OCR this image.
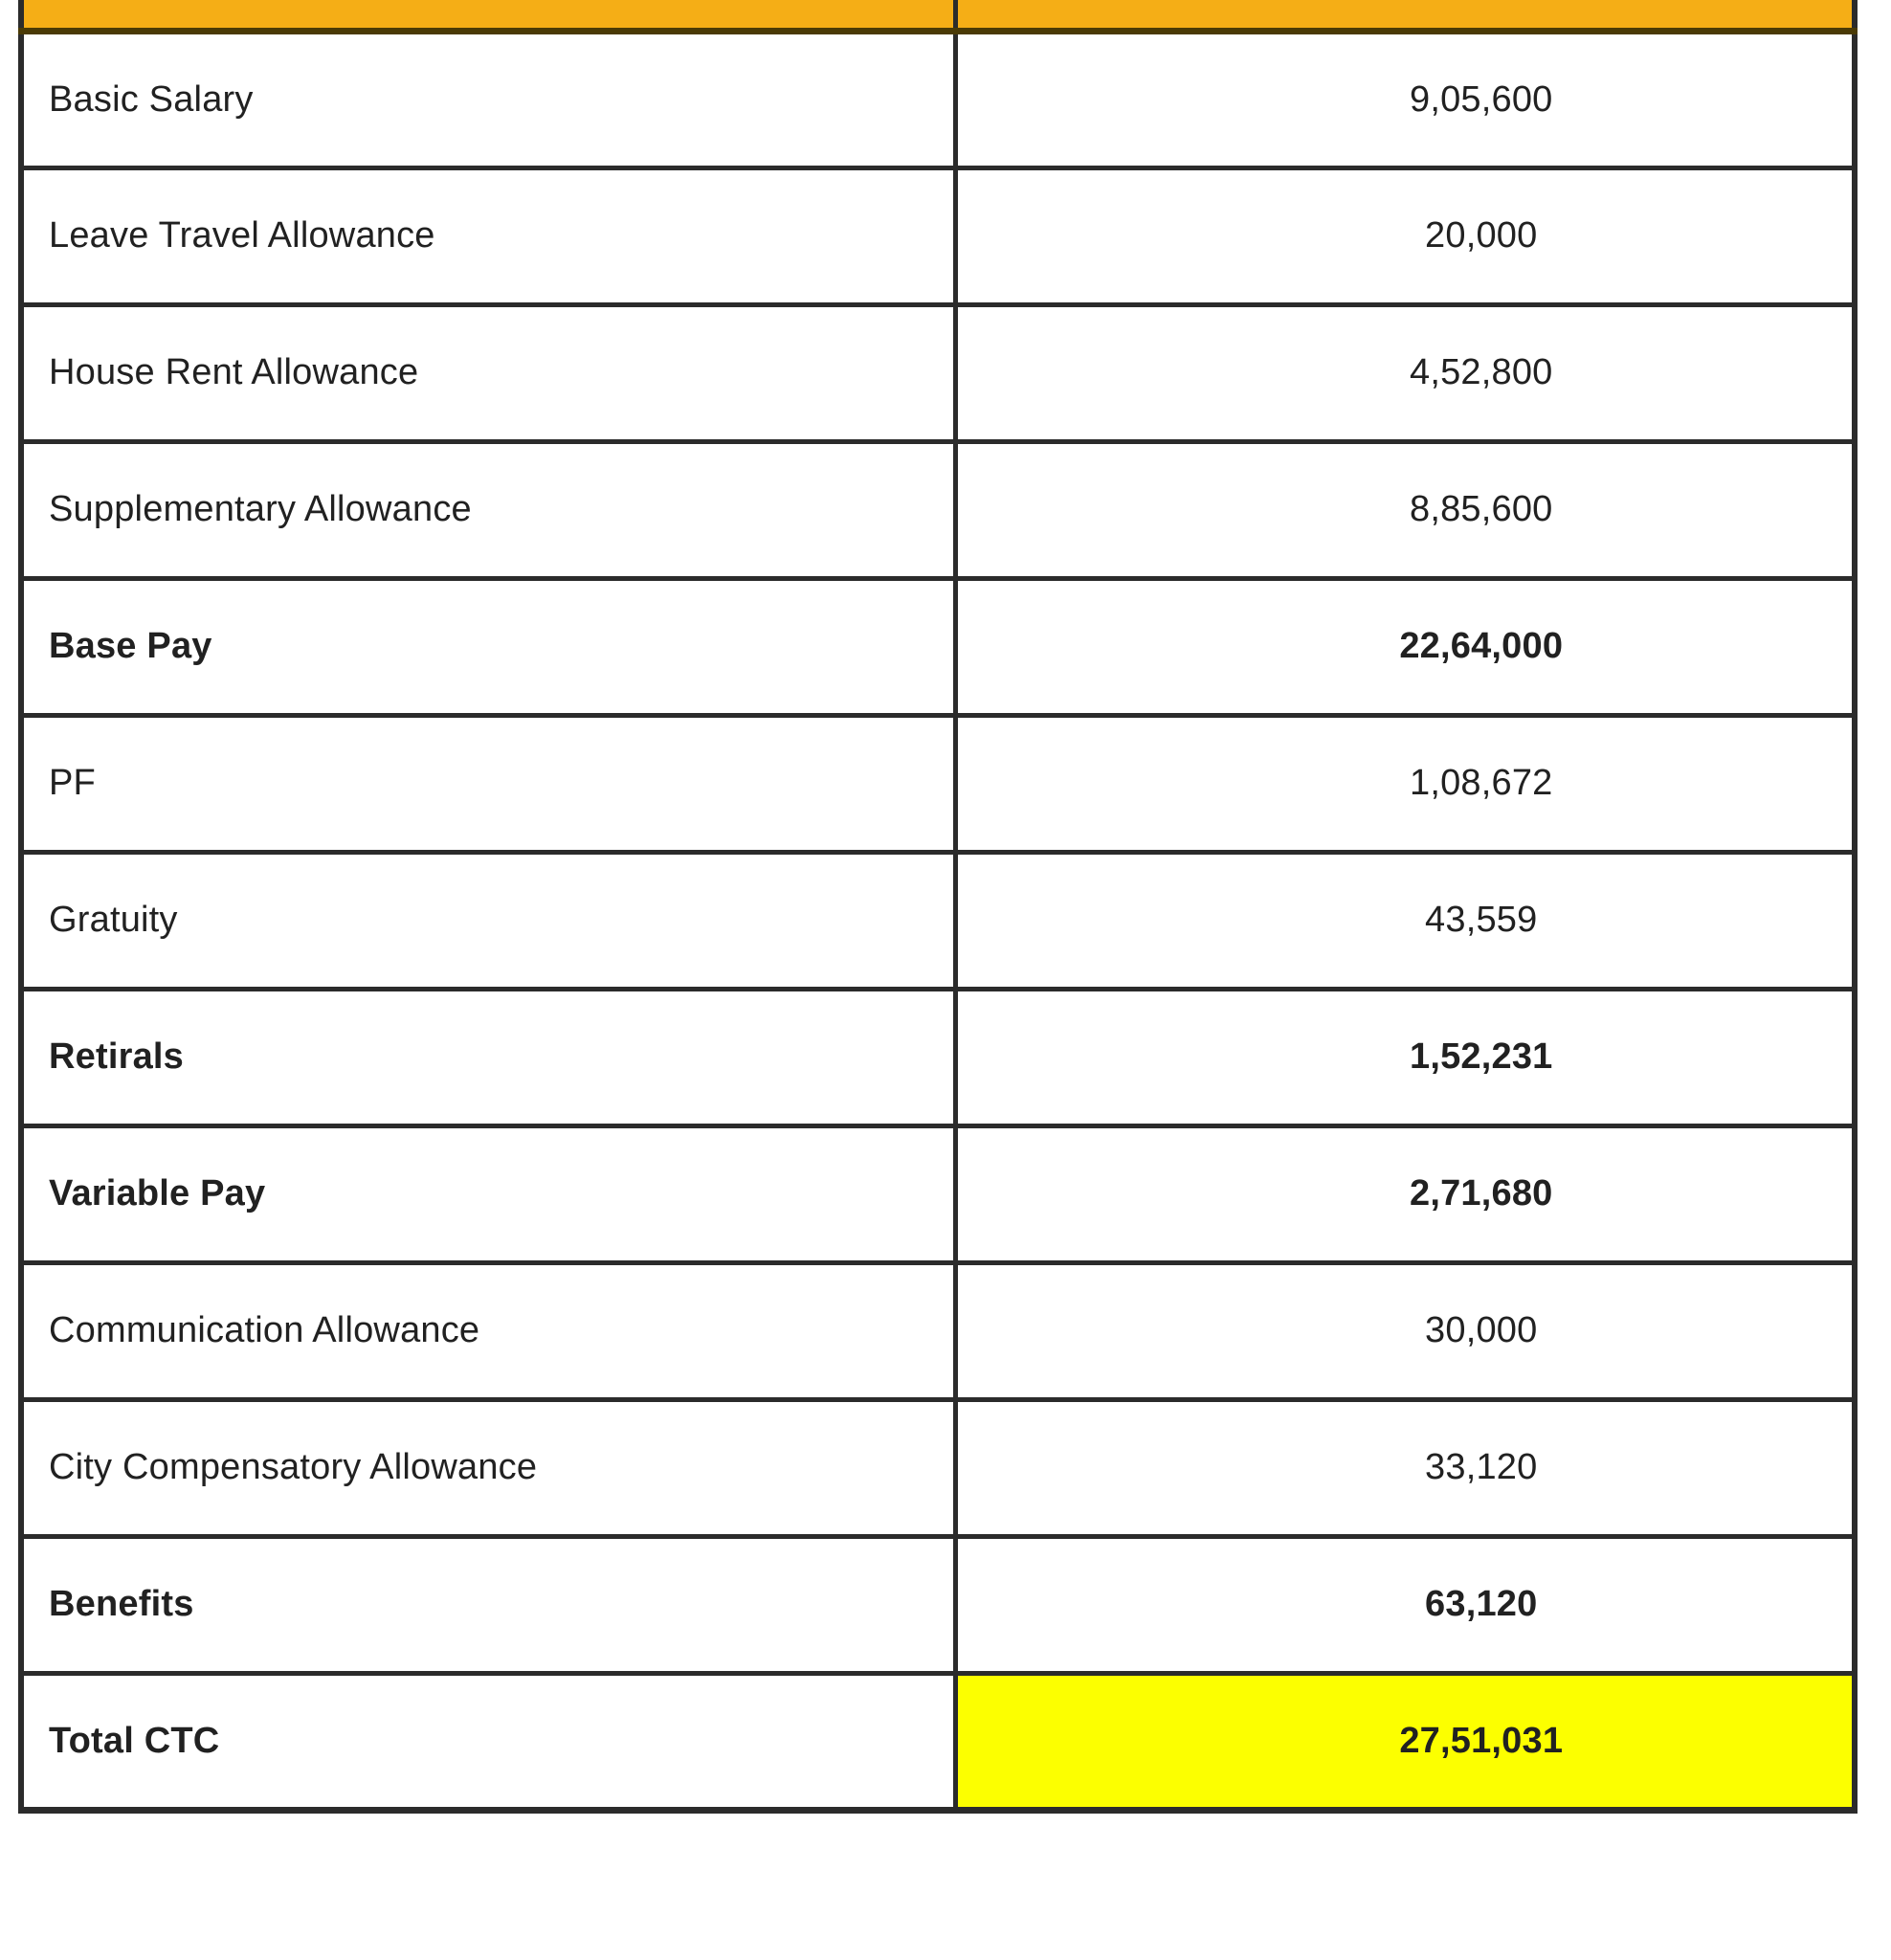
Basic Salary	9,05,600
Leave Travel Allowance	20,000
House Rent Allowance	4,52,800
Supplementary Allowance	8,85,600
Base Pay	22,64,000
PF	1,08,672
Gratuity	43,559
Retirals	1,52,231
Variable Pay	2,71,680
Communication Allowance	30,000
City Compensatory Allowance	33,120
Benefits	63,120
Total CTC	27,51,031
